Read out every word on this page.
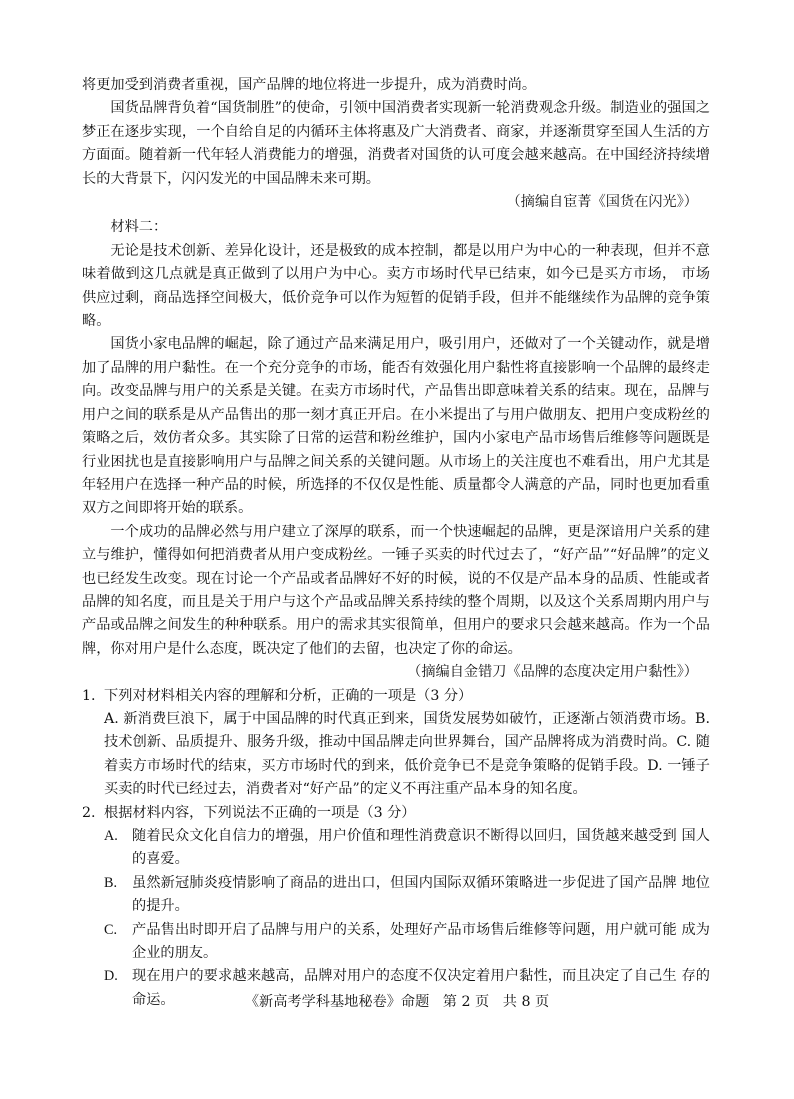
将更加受到消费者重视，国产品牌的地位将进一步提升，成为消费时尚。

国货品牌背负着“国货制胜”的使命，引领中国消费者实现新一轮消费观念升级。制造业的强国之梦正在逐步实现，一个自给自足的内循环主体将惠及广大消费者、商家，并逐渐贯穿至国人生活的方方面面。随着新一代年轻人消费能力的增强，消费者对国货的认可度会越来越高。在中国经济持续增长的大背景下，闪闪发光的中国品牌未来可期。

（摘编自宦菁《国货在闪光》）

材料二：

无论是技术创新、差异化设计，还是极致的成本控制，都是以用户为中心的一种表现，但并不意味着做到这几点就是真正做到了以用户为中心。卖方市场时代早已结束，如今已是买方市场， 市场供应过剩，商品选择空间极大，低价竞争可以作为短暂的促销手段，但并不能继续作为品牌的竞争策略。

国货小家电品牌的崛起，除了通过产品来满足用户，吸引用户，还做对了一个关键动作，就是增加了品牌的用户黏性。在一个充分竞争的市场，能否有效强化用户黏性将直接影响一个品牌的最终走向。改变品牌与用户的关系是关键。在卖方市场时代，产品售出即意味着关系的结束。现在，品牌与用户之间的联系是从产品售出的那一刻才真正开启。在小米提出了与用户做朋友、把用户变成粉丝的策略之后，效仿者众多。其实除了日常的运营和粉丝维护，国内小家电产品市场售后维修等问题既是行业困扰也是直接影响用户与品牌之间关系的关键问题。从市场上的关注度也不难看出，用户尤其是年轻用户在选择一种产品的时候，所选择的不仅仅是性能、质量都令人满意的产品，同时也更加看重双方之间即将开始的联系。

一个成功的品牌必然与用户建立了深厚的联系，而一个快速崛起的品牌，更是深谙用户关系的建立与维护，懂得如何把消费者从用户变成粉丝。一锤子买卖的时代过去了，“好产品”“好品牌”的定义也已经发生改变。现在讨论一个产品或者品牌好不好的时候，说的不仅是产品本身的品质、性能或者品牌的知名度，而且是关于用户与这个产品或品牌关系持续的整个周期，以及这个关系周期内用户与产品或品牌之间发生的种种联系。用户的需求其实很简单，但用户的要求只会越来越高。作为一个品牌，你对用户是什么态度，既决定了他们的去留，也决定了你的命运。

（摘编自金错刀《品牌的态度决定用户黏性》）

1. 下列对材料相关内容的理解和分析，正确的一项是（3 分）

A. 新消费巨浪下，属于中国品牌的时代真正到来，国货发展势如破竹，正逐渐占领消费市场。B. 技术创新、品质提升、服务升级，推动中国品牌走向世界舞台，国产品牌将成为消费时尚。C. 随着卖方市场时代的结束，买方市场时代的到来，低价竞争已不是竞争策略的促销手段。D. 一锤子买卖的时代已经过去，消费者对“好产品”的定义不再注重产品本身的知名度。

2. 根据材料内容，下列说法不正确的一项是（3 分）
A.	随着民众文化自信力的增强，用户价值和理性消费意识不断得以回归，国货越来越受到 国人的喜爱。
B.	虽然新冠肺炎疫情影响了商品的进出口，但国内国际双循环策略进一步促进了国产品牌 地位的提升。
C.	产品售出时即开启了品牌与用户的关系，处理好产品市场售后维修等问题，用户就可能 成为企业的朋友。
D.	现在用户的要求越来越高，品牌对用户的态度不仅决定着用户黏性，而且决定了自己生 存的命运。	《新高考学科基地秘卷》命题   第 2 页   共 8 页
